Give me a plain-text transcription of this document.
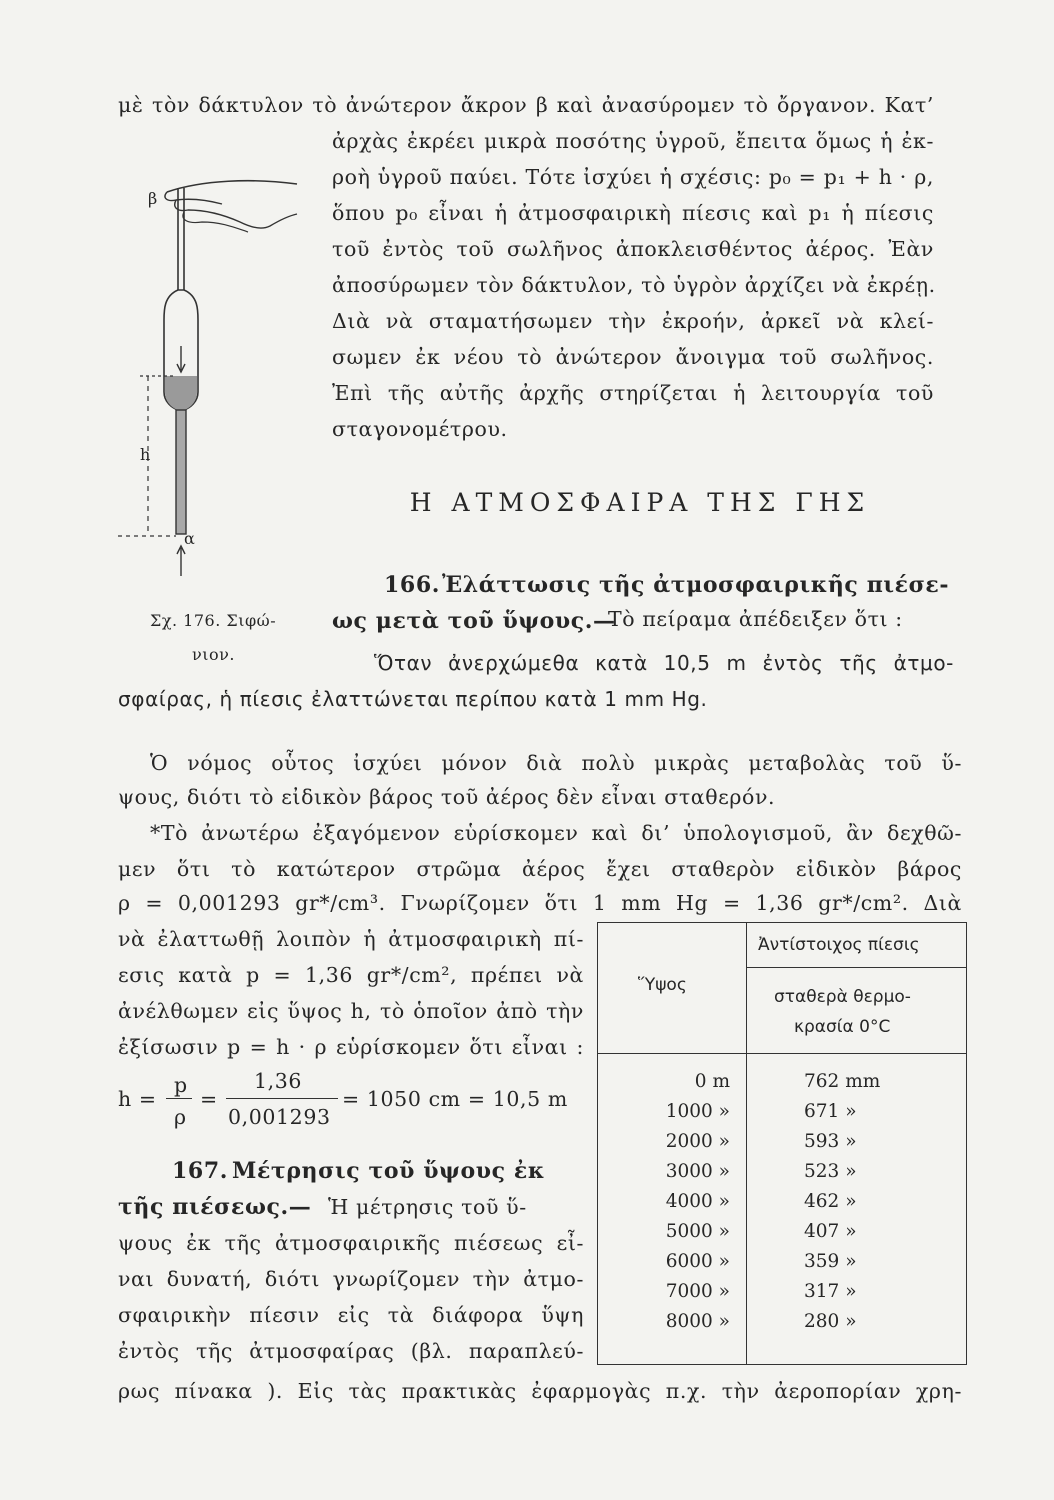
μὲ τὸν δάκτυλον τὸ ἀνώτερον ἄκρον β καὶ ἀνασύρομεν τὸ ὄργανον. Κατ’
ἀρχὰς ἐκρέει μικρὰ ποσότης ὑγροῦ, ἔπειτα ὅμως ἡ ἐκ-
ροὴ ὑγροῦ παύει. Τότε ἰσχύει ἡ σχέσις: p₀ = p₁ + h · ρ,
ὅπου p₀ εἶναι ἡ ἀτμοσφαιρικὴ πίεσις καὶ p₁ ἡ πίεσις
τοῦ ἐντὸς τοῦ σωλῆνος ἀποκλεισθέντος ἀέρος. Ἐὰν
ἀποσύρωμεν τὸν δάκτυλον, τὸ ὑγρὸν ἀρχίζει νὰ ἐκρέῃ.
Διὰ νὰ σταματήσωμεν τὴν ἐκροήν, ἀρκεῖ νὰ κλεί-
σωμεν ἐκ νέου τὸ ἀνώτερον ἄνοιγμα τοῦ σωλῆνος.
Ἐπὶ τῆς αὐτῆς ἀρχῆς στηρίζεται ἡ λειτουργία τοῦ
σταγονομέτρου.
β
h
α
Σχ. 176. Σιφώ-
νιον.
Η ΑΤΜΟΣΦΑΙΡΑ ΤΗΣ ΓΗΣ
166. Ἐλάττωσις τῆς ἀτμοσφαιρικῆς πιέσε-
ως μετὰ τοῦ ὕψους.—
Τὸ πείραμα ἀπέδειξεν ὅτι :
Ὅταν ἀνερχώμεθα κατὰ 10,5 m ἐντὸς τῆς ἀτμο-
σφαίρας, ἡ πίεσις ἐλαττώνεται περίπου κατὰ 1 mm Hg.
Ὁ νόμος οὗτος ἰσχύει μόνον διὰ πολὺ μικρὰς μεταβολὰς τοῦ ὕ-
ψους, διότι τὸ εἰδικὸν βάρος τοῦ ἀέρος δὲν εἶναι σταθερόν.
*Τὸ ἀνωτέρω ἐξαγόμενον εὑρίσκομεν καὶ δι’ ὑπολογισμοῦ, ἂν δεχθῶ-
μεν ὅτι τὸ κατώτερον στρῶμα ἀέρος ἔχει σταθερὸν εἰδικὸν βάρος
ρ = 0,001293 gr*/cm³. Γνωρίζομεν ὅτι 1 mm Hg = 1,36 gr*/cm². Διὰ
νὰ ἐλαττωθῇ λοιπὸν ἡ ἀτμοσφαιρικὴ πί-
εσις κατὰ p = 1,36 gr*/cm², πρέπει νὰ
ἀνέλθωμεν εἰς ὕψος h, τὸ ὁποῖον ἀπὸ τὴν
ἐξίσωσιν p = h · ρ εὑρίσκομεν ὅτι εἶναι :
h =
p
ρ
=
1,36
0,001293
= 1050 cm = 10,5 m
167. Μέτρησις τοῦ ὕψους ἐκ
τῆς πιέσεως.— Ἡ μέτρησις τοῦ ὕ-
ψους ἐκ τῆς ἀτμοσφαιρικῆς πιέσεως εἶ-
ναι δυνατή, διότι γνωρίζομεν τὴν ἀτμο-
σφαιρικὴν πίεσιν εἰς τὰ διάφορα ὕψη
ἐντὸς τῆς ἀτμοσφαίρας (βλ. παραπλεύ-
ρως πίνακα ). Εἰς τὰς πρακτικὰς ἐφαρμογὰς π.χ. τὴν ἀεροπορίαν χρη-
Ὕψος
Ἀντίστοιχος πίεσις
σταθερὰ θερμο-
κρασία 0°C
0 m	762 mm
1000 »	671 »
2000 »	593 »
3000 »	523 »
4000 »	462 »
5000 »	407 »
6000 »	359 »
7000 »	317 »
8000 »	280 »
